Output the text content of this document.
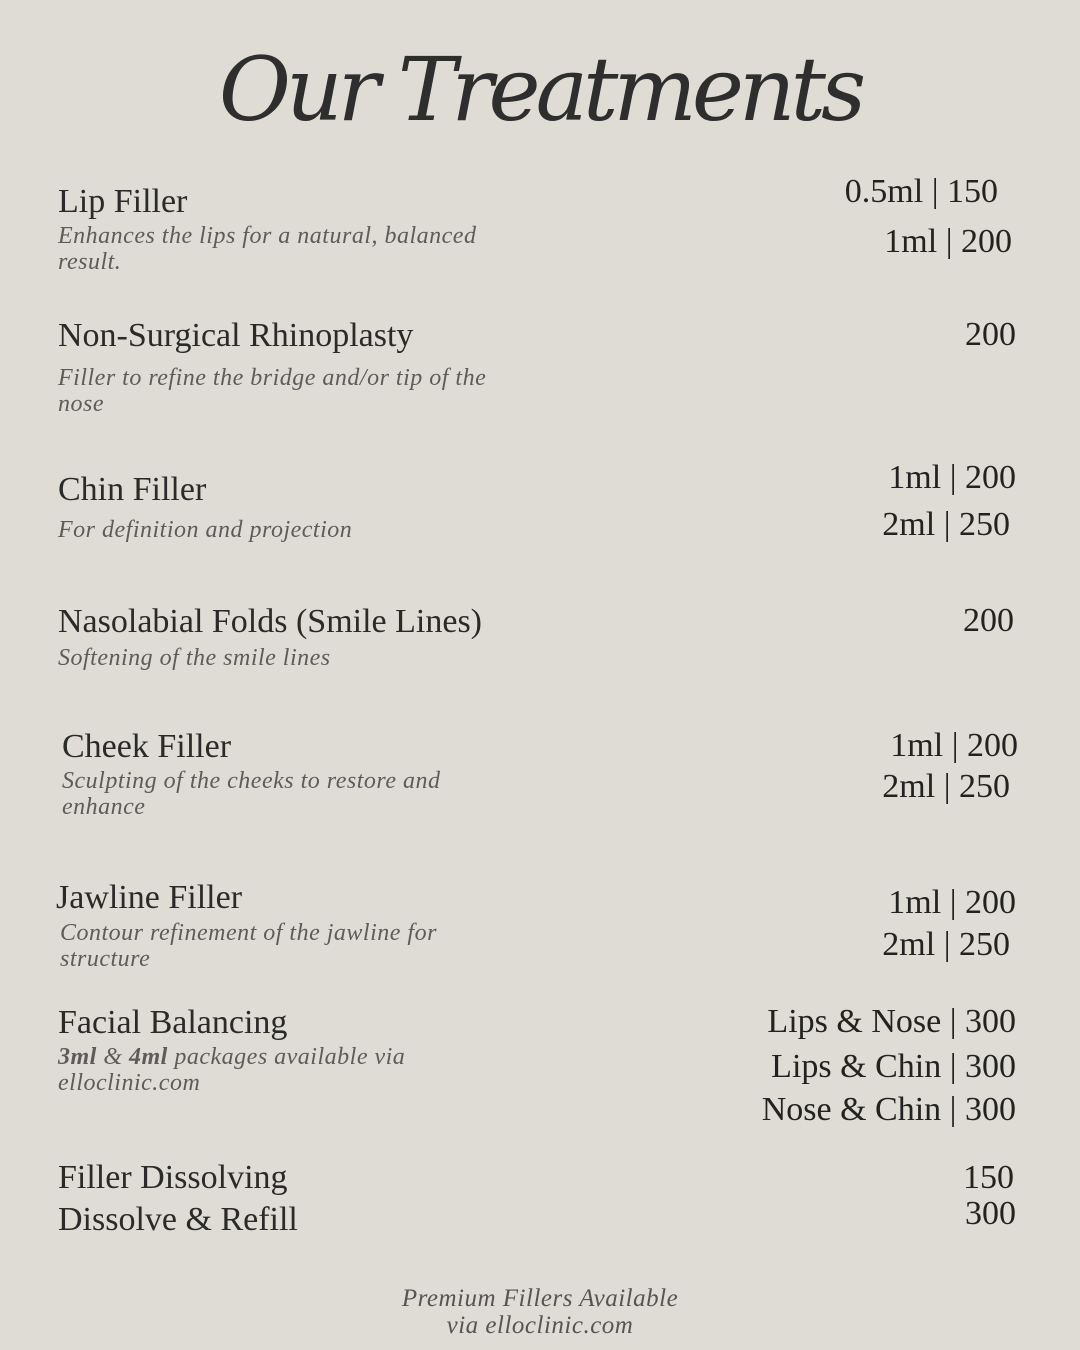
Our Treatments
Lip Filler
Enhances the lips for a natural, balanced result.
0.5ml | 150
1ml | 200
Non-Surgical Rhinoplasty
Filler to refine the bridge and/or tip of the nose
200
Chin Filler
For definition and projection
1ml | 200
2ml | 250
Nasolabial Folds (Smile Lines)
Softening of the smile lines
200
Cheek Filler
Sculpting of the cheeks to restore and enhance
1ml | 200
2ml | 250
Jawline Filler
Contour refinement of the jawline for structure
1ml | 200
2ml | 250
Facial Balancing
3ml & 4ml packages available via elloclinic.com
Lips & Nose | 300
Lips & Chin | 300
Nose & Chin | 300
Filler Dissolving	150
Dissolve & Refill	300
Premium Fillers Available
via elloclinic.com
